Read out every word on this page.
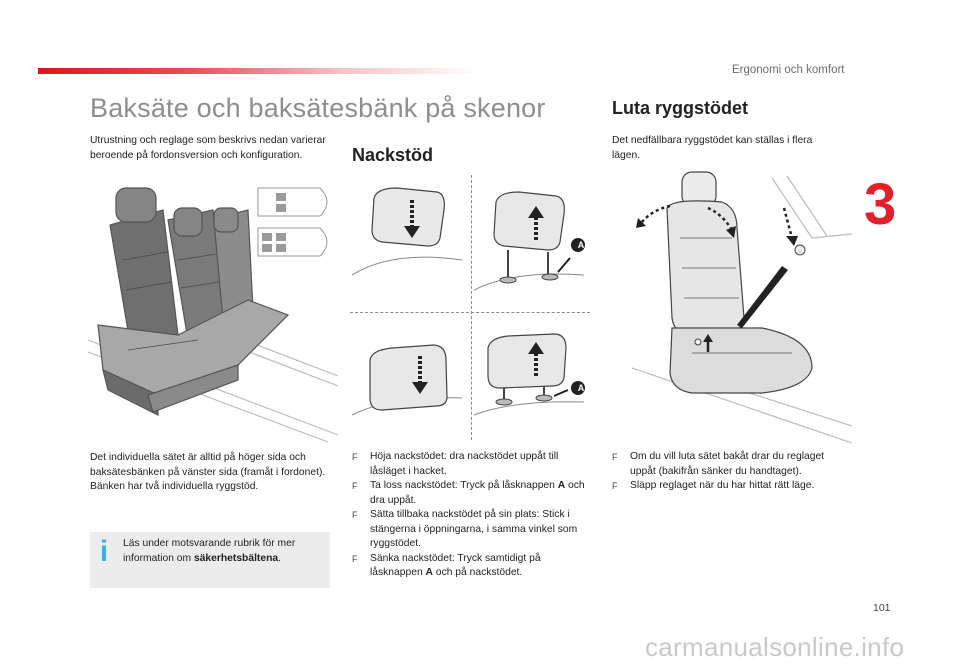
Ergonomi och komfort
3
Baksäte och baksätesbänk på skenor
Utrustning och reglage som beskrivs nedan varierar beroende på fordonsversion och konfiguration.
Det individuella sätet är alltid på höger sida och baksätesbänken på vänster sida (framåt i fordonet).
Bänken har två individuella ryggstöd.
i Läs under motsvarande rubrik för mer information om säkerhetsbältena.
Nackstöd
A
A
F	Höja nackstödet: dra nackstödet uppåt till låsläget i hacket.
F	Ta loss nackstödet: Tryck på låsknappen A och dra uppåt.
F	Sätta tillbaka nackstödet på sin plats: Stick i stängerna i öppningarna, i samma vinkel som ryggstödet.
F	Sänka nackstödet: Tryck samtidigt på låsknappen A och på nackstödet.
Luta ryggstödet
Det nedfällbara ryggstödet kan ställas i flera lägen.
F	Om du vill luta sätet bakåt drar du reglaget uppåt (bakifrån sänker du handtaget).
F	Släpp reglaget när du har hittat rätt läge.
101
carmanualsonline.info
